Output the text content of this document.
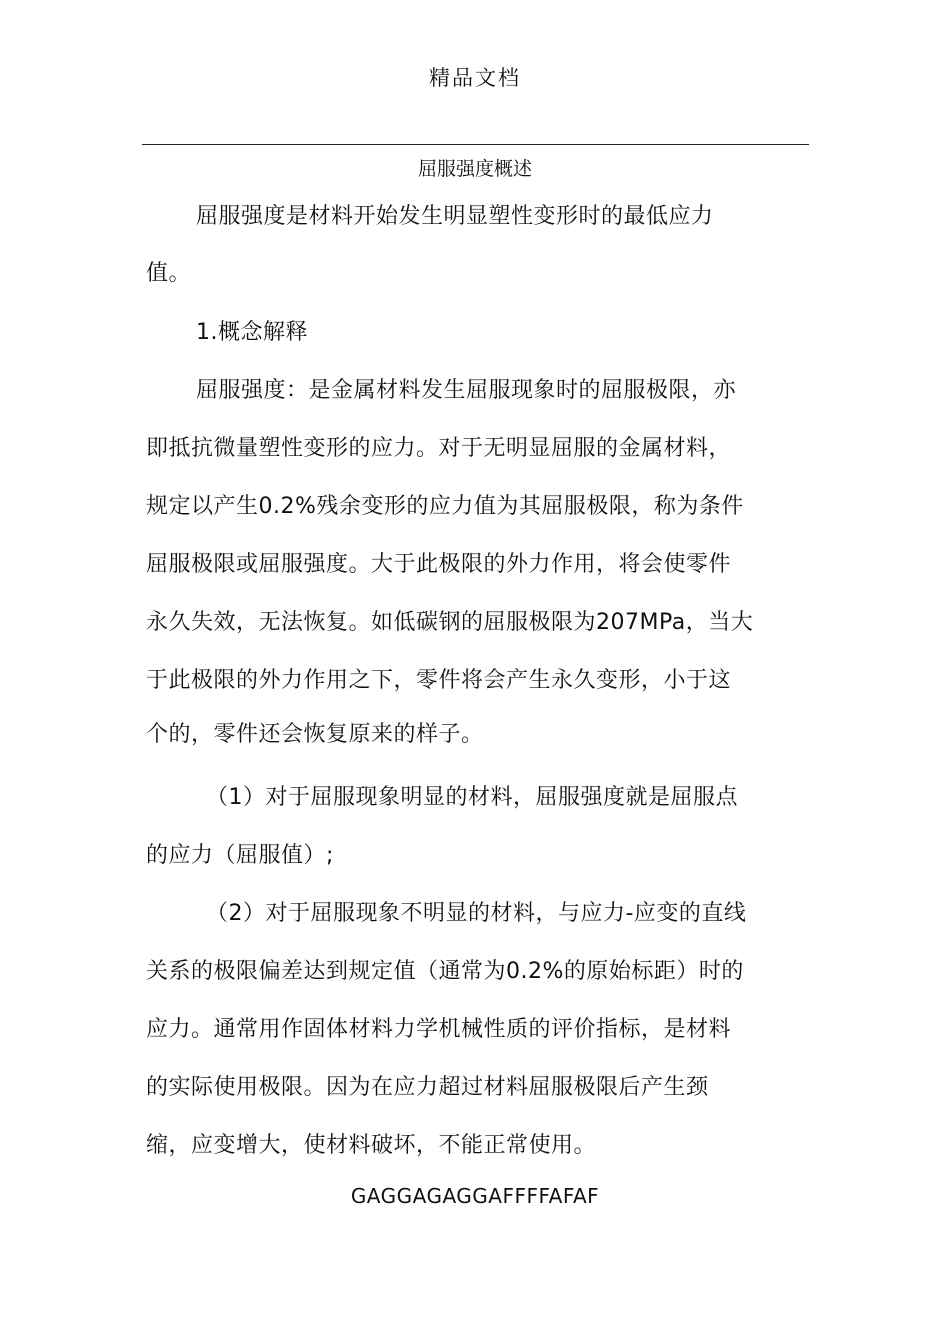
精品文档
屈服强度概述
屈服强度是材料开始发生明显塑性变形时的最低应力
值。
1.概念解释
屈服强度：是金属材料发生屈服现象时的屈服极限，亦
即抵抗微量塑性变形的应力。对于无明显屈服的金属材料，
规定以产生0.2%残余变形的应力值为其屈服极限，称为条件
屈服极限或屈服强度。大于此极限的外力作用，将会使零件
永久失效，无法恢复。如低碳钢的屈服极限为207MPa，当大
于此极限的外力作用之下，零件将会产生永久变形，小于这
个的，零件还会恢复原来的样子。
（1）对于屈服现象明显的材料，屈服强度就是屈服点
的应力（屈服值）;
（2）对于屈服现象不明显的材料，与应力-应变的直线
关系的极限偏差达到规定值（通常为0.2%的原始标距）时的
应力。通常用作固体材料力学机械性质的评价指标，是材料
的实际使用极限。因为在应力超过材料屈服极限后产生颈
缩，应变增大，使材料破坏，不能正常使用。
GAGGAGAGGAFFFFAFAF
